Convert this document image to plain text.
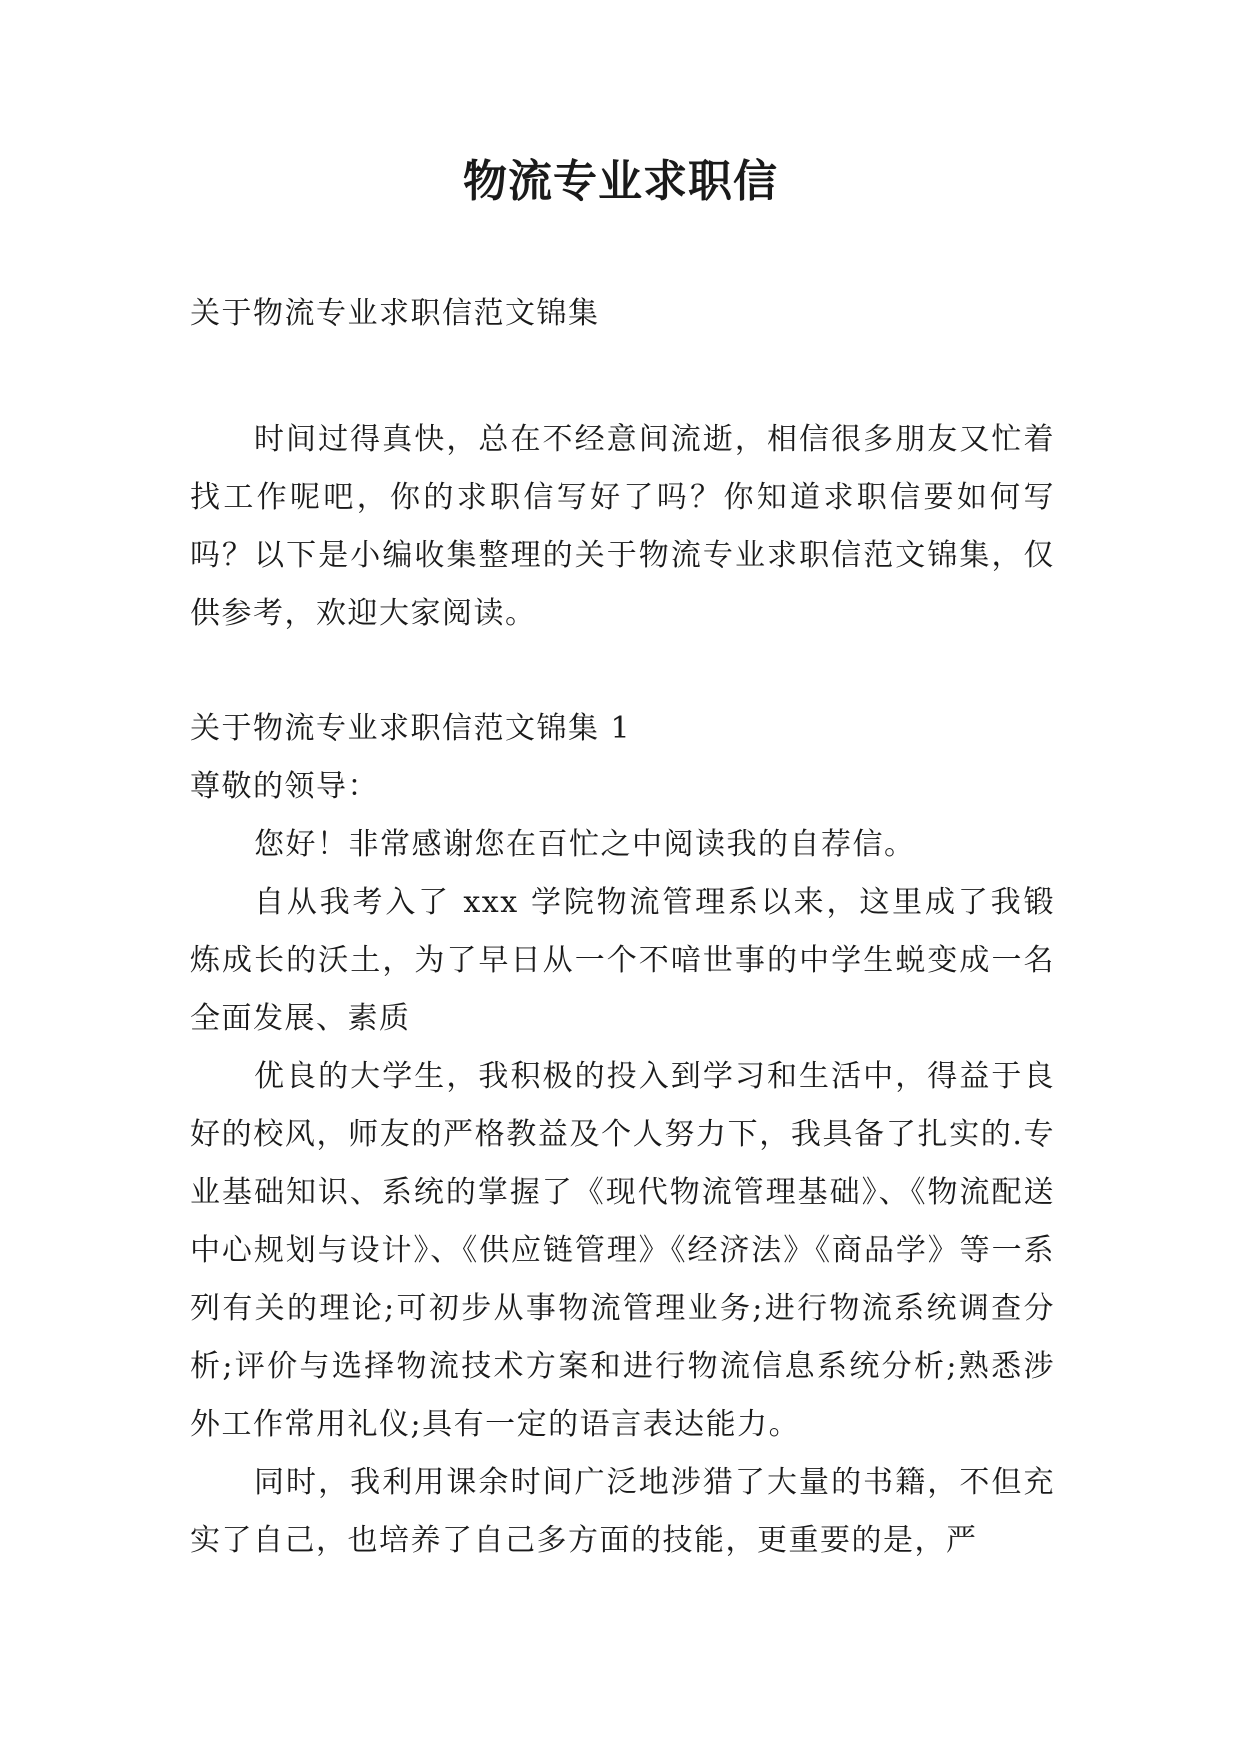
物流专业求职信

关于物流专业求职信范文锦集

时间过得真快，总在不经意间流逝，相信很多朋友又忙着找工作呢吧，你的求职信写好了吗？你知道求职信要如何写吗？以下是小编收集整理的关于物流专业求职信范文锦集，仅供参考，欢迎大家阅读。

关于物流专业求职信范文锦集 1

尊敬的领导：

您好！非常感谢您在百忙之中阅读我的自荐信。

自从我考入了 xxx 学院物流管理系以来，这里成了我锻炼成长的沃土，为了早日从一个不喑世事的中学生蜕变成一名全面发展、素质

优良的大学生，我积极的投入到学习和生活中，得益于良好的校风，师友的严格教益及个人努力下，我具备了扎实的.专业基础知识、系统的掌握了《现代物流管理基础》、《物流配送中心规划与设计》、《供应链管理》《经济法》《商品学》等一系列有关的理论;可初步从事物流管理业务;进行物流系统调查分析;评价与选择物流技术方案和进行物流信息系统分析;熟悉涉外工作常用礼仪;具有一定的语言表达能力。

同时，我利用课余时间广泛地涉猎了大量的书籍，不但充实了自己，也培养了自己多方面的技能，更重要的是，严
